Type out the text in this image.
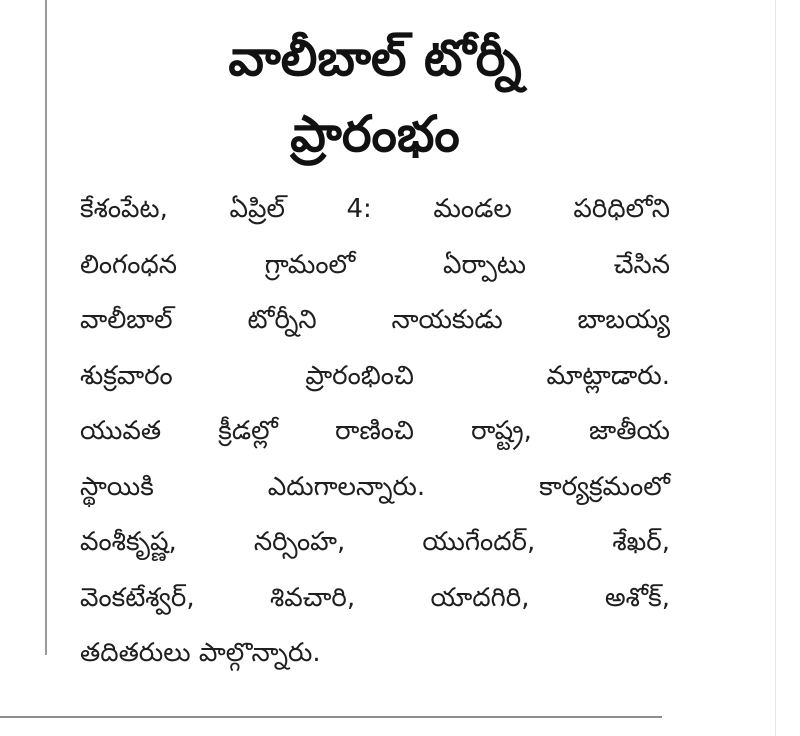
వాలీబాల్ టోర్నీ
ప్రారంభం
కేశంపేట, ఏప్రిల్ 4: మండల పరిధిలోని
లింగంధన గ్రామంలో ఏర్పాటు చేసిన
వాలీబాల్ టోర్నీని నాయకుడు బాబయ్య
శుక్రవారం ప్రారంభించి మాట్లాడారు.
యువత క్రీడల్లో రాణించి రాష్ట్ర, జాతీయ
స్థాయికి ఎదుగాలన్నారు. కార్యక్రమంలో
వంశీకృష్ణ, నర్సింహ, యుగేందర్, శేఖర్,
వెంకటేశ్వర్, శివచారి, యాదగిరి, అశోక్,
తదితరులు పాల్గొన్నారు.
